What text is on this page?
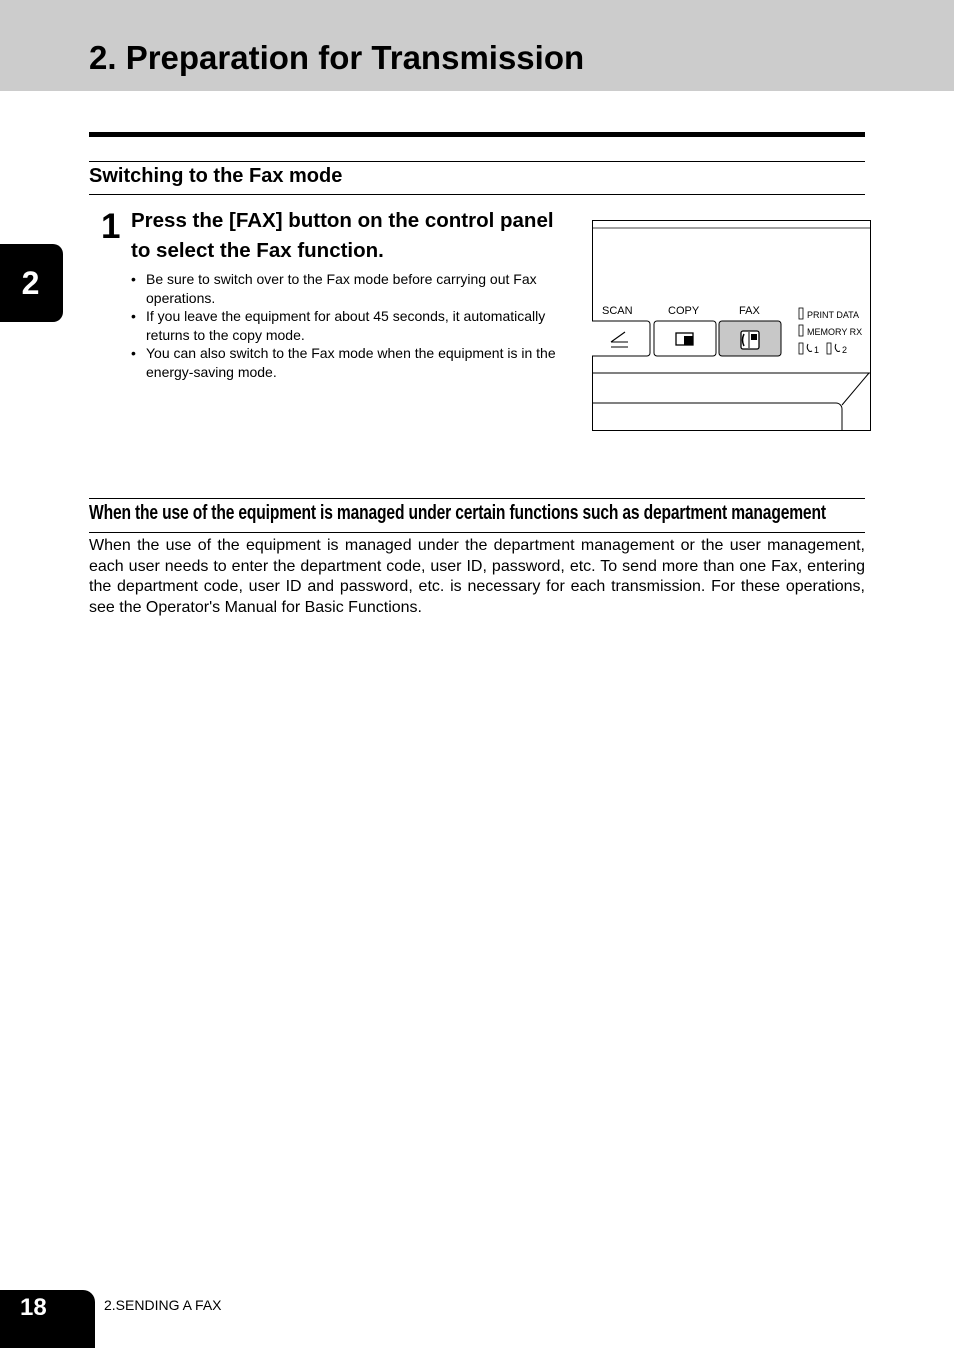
2. Preparation for Transmission
Switching to the Fax mode
2
1 Press the [FAX] button on the control panel to select the Fax function.
• Be sure to switch over to the Fax mode before carrying out Fax operations.
• If you leave the equipment for about 45 seconds, it automatically returns to the copy mode.
• You can also switch to the Fax mode when the equipment is in the energy-saving mode.
SCAN	COPY	FAX	PRINT DATA
MEMORY RX
1	2
When the use of the equipment is managed under certain functions such as department management

When the use of the equipment is managed under the department management or the user management, each user needs to enter the department code, user ID, password, etc. To send more than one Fax, entering the department code, user ID and password, etc. is necessary for each transmission. For these operations, see the Operator's Manual for Basic Functions.

18	2.SENDING A FAX
